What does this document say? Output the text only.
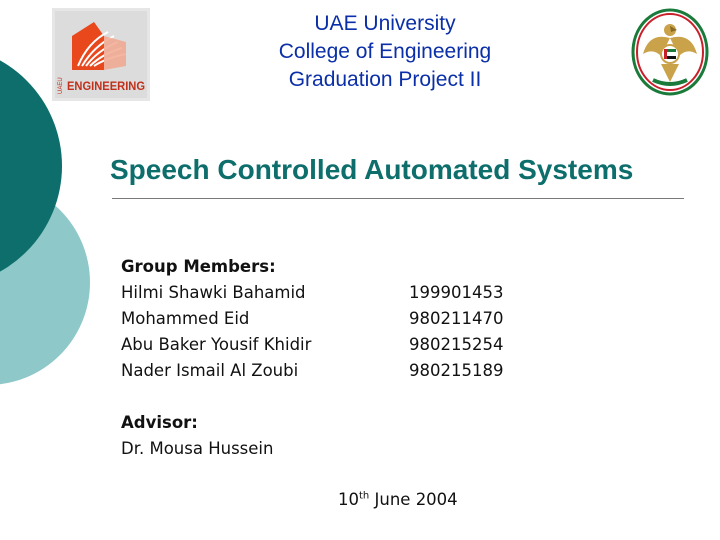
UAEU ENGINEERING
UAE University
College of Engineering
Graduation Project II
Speech Controlled Automated Systems
Group Members:
Hilmi Shawki Bahamid	199901453
Mohammed Eid	980211470
Abu Baker Yousif Khidir	980215254
Nader Ismail Al Zoubi	980215189
Advisor:
Dr. Mousa Hussein
10th June 2004
